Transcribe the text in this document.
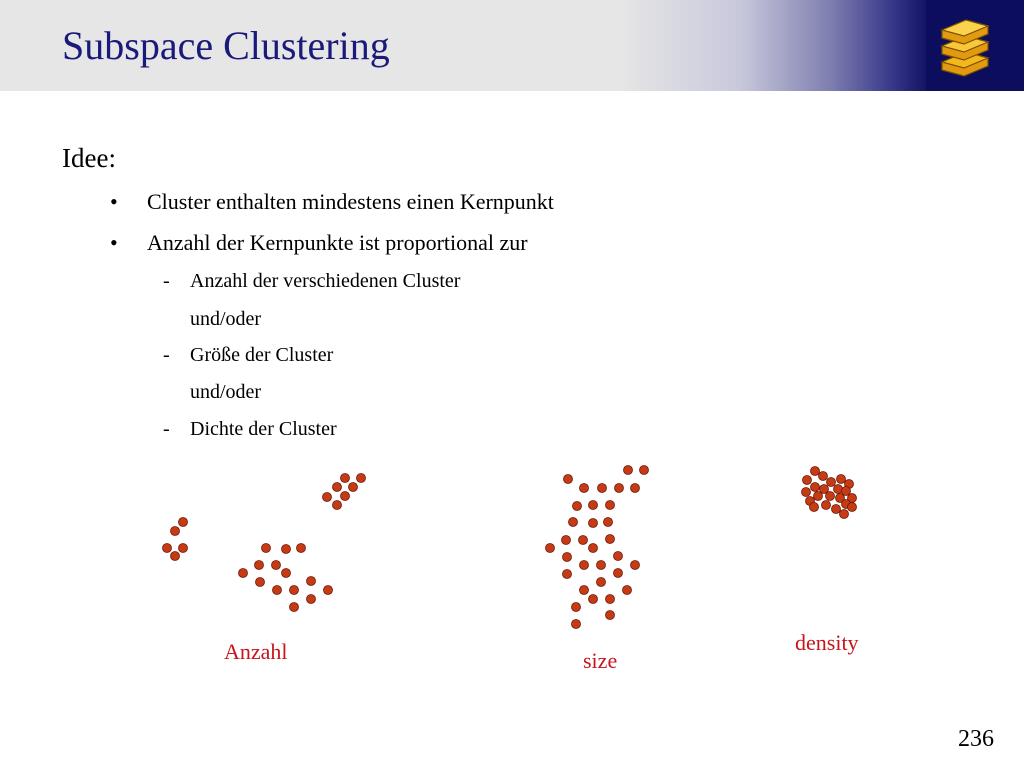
Subspace Clustering
Idee:
•	Cluster enthalten mindestens einen Kernpunkt
•	Anzahl der Kernpunkte ist proportional zur
- Anzahl der verschiedenen Cluster
und/oder
- Größe der Cluster
und/oder
- Dichte der Cluster
Anzahl	size
density
236
